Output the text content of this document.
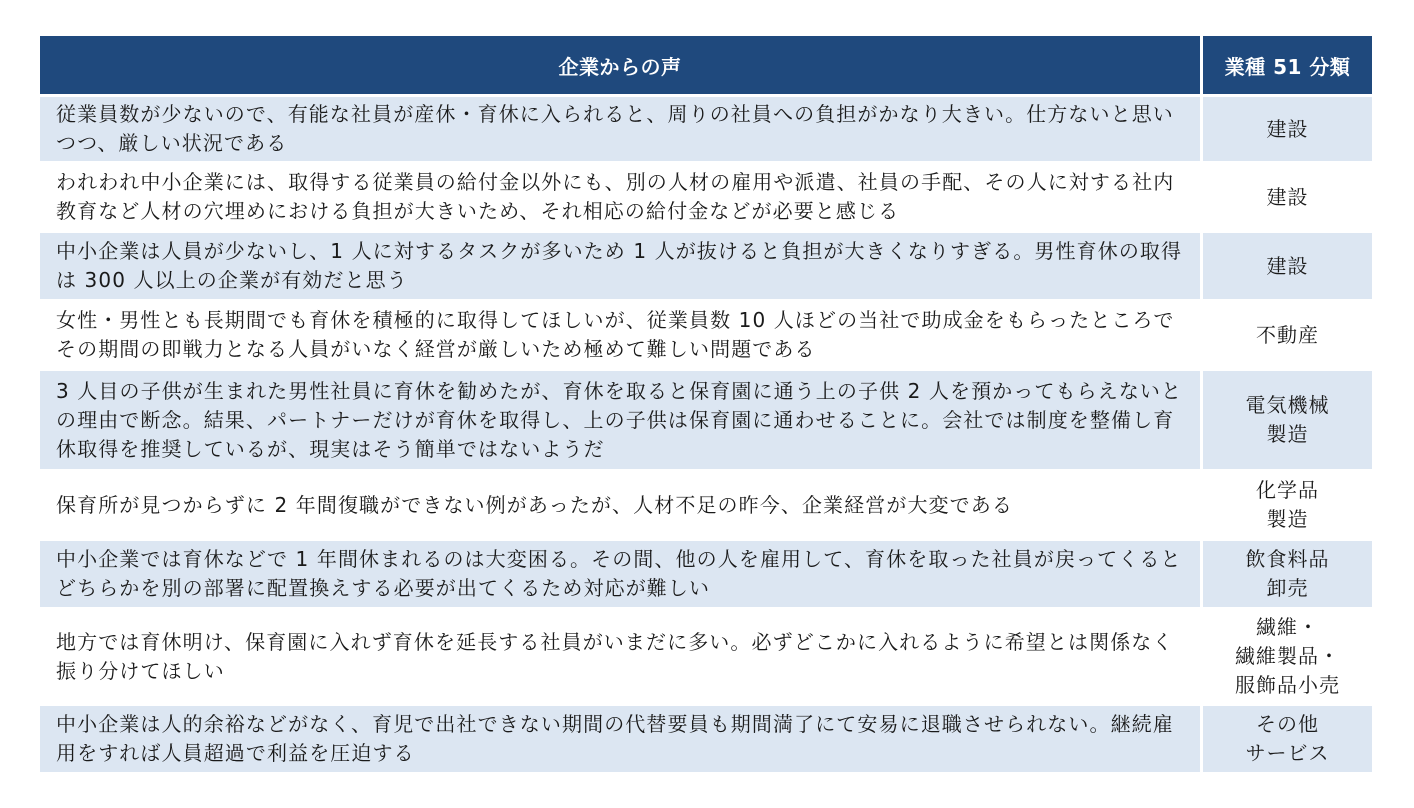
企業からの声	業種 51 分類
従業員数が少ないので、有能な社員が産休・育休に入られると、周りの社員への負担がかなり大きい。仕方ないと思いつつ、厳しい状況である	建設

われわれ中小企業には、取得する従業員の給付金以外にも、別の人材の雇用や派遣、社員の手配、その人に対する社内教育など人材の穴埋めにおける負担が大きいため、それ相応の給付金などが必要と感じる	建設

中小企業は人員が少ないし、1 人に対するタスクが多いため 1 人が抜けると負担が大きくなりすぎる。男性育休の取得は 300 人以上の企業が有効だと思う	建設

女性・男性とも長期間でも育休を積極的に取得してほしいが、従業員数 10 人ほどの当社で助成金をもらったところでその期間の即戦力となる人員がいなく経営が厳しいため極めて難しい問題である	不動産

3 人目の子供が生まれた男性社員に育休を勧めたが、育休を取ると保育園に通う上の子供 2 人を預かってもらえないとの理由で断念。結果、パートナーだけが育休を取得し、上の子供は保育園に通わせることに。会社では制度を整備し育休取得を推奨しているが、現実はそう簡単ではないようだ	電気機械
製造

保育所が見つからずに 2 年間復職ができない例があったが、人材不足の昨今、企業経営が大変である	化学品
製造

中小企業では育休などで 1 年間休まれるのは大変困る。その間、他の人を雇用して、育休を取った社員が戻ってくるとどちらかを別の部署に配置換えする必要が出てくるため対応が難しい	飲食料品
卸売

地方では育休明け、保育園に入れず育休を延長する社員がいまだに多い。必ずどこかに入れるように希望とは関係なく振り分けてほしい	繊維・
繊維製品・
服飾品小売

中小企業は人的余裕などがなく、育児で出社できない期間の代替要員も期間満了にて安易に退職させられない。継続雇用をすれば人員超過で利益を圧迫する	その他
サービス
